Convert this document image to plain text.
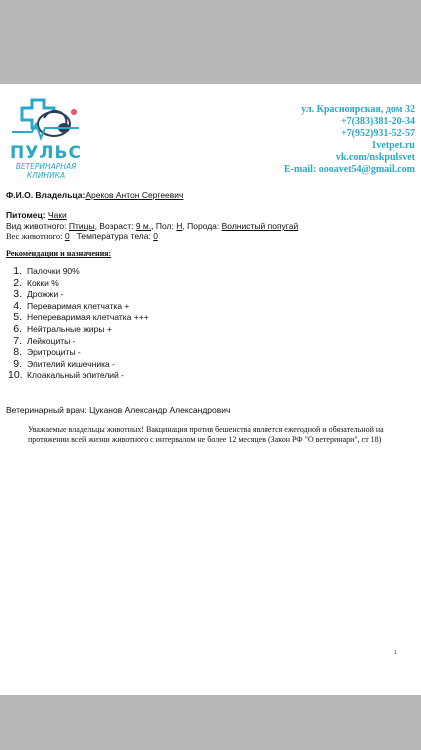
ПУЛЬС
ВЕТЕРИНАРНАЯ
КЛИНИКА
ул. Красноярская, дом 32
+7(383)381-20-34
+7(952)931-52-57
1vetpet.ru
vk.com/nskpulsvet
E-mail: oooavet54@gmail.com
Ф.И.О. Владельца:Ареков Антон Сергеевич
Питомец: Чаки
Вид животного: Птицы, Возраст: 9 м., Пол: Н, Порода: Волнистый попугай
Вес животного: 0 Температура тела: 0
Рекомендации и назначения:
1. Палочки 90%
2. Кокки %
3. Дрожжи -
4. Переваримая клетчатка +
5. Непереваримая клетчатка +++
6. Нейтральные жиры +
7. Лейкоциты -
8. Эритроциты -
9. Эпителий кишечника -
10. Клоакальный эпителий -
Ветеринарный врач: Цуканов Александр Александрович
Уважаемые владельцы животных! Вакцинация против бешенства является ежегодной и обязательной на протяжении всей жизни животного с интервалом не более 12 месяцев (Закон РФ "О ветеринари", ст 18)
1
